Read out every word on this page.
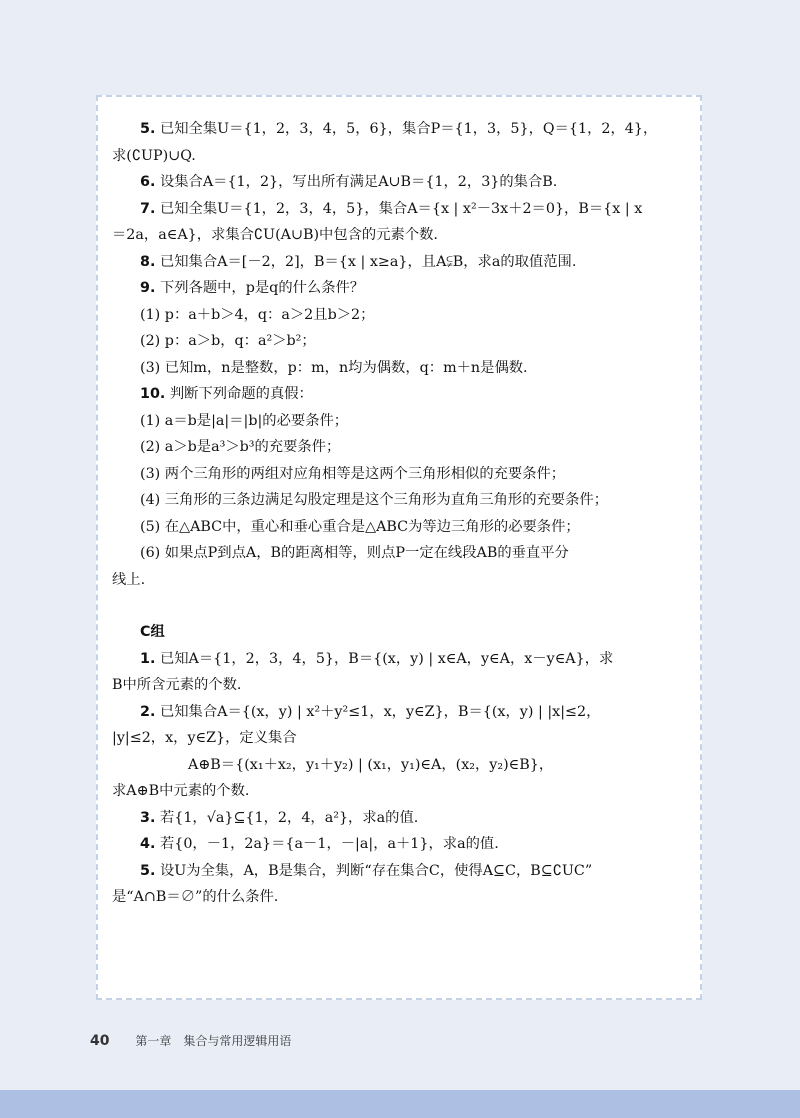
5. 已知全集U＝{1，2，3，4，5，6}，集合P＝{1，3，5}，Q＝{1，2，4}，

求(∁UP)∪Q.

6. 设集合A＝{1，2}，写出所有满足A∪B＝{1，2，3}的集合B.

7. 已知全集U＝{1，2，3，4，5}，集合A＝{x | x²－3x＋2＝0}，B＝{x | x

＝2a，a∈A}，求集合∁U(A∪B)中包含的元素个数.

8. 已知集合A＝[－2，2]，B＝{x | x≥a}，且A⫋B，求a的取值范围.

9. 下列各题中，p是q的什么条件？

(1) p：a＋b＞4，q：a＞2且b＞2；

(2) p：a＞b，q：a²＞b²；

(3) 已知m，n是整数，p：m，n均为偶数，q：m＋n是偶数.

10. 判断下列命题的真假：

(1) a＝b是|a|＝|b|的必要条件；

(2) a＞b是a³＞b³的充要条件；

(3) 两个三角形的两组对应角相等是这两个三角形相似的充要条件；

(4) 三角形的三条边满足勾股定理是这个三角形为直角三角形的充要条件；

(5) 在△ABC中，重心和垂心重合是△ABC为等边三角形的必要条件；

(6) 如果点P到点A，B的距离相等，则点P一定在线段AB的垂直平分

线上.

C组

1. 已知A＝{1，2，3，4，5}，B＝{(x，y) | x∈A，y∈A，x－y∈A}，求

B中所含元素的个数.

2. 已知集合A＝{(x，y) | x²＋y²≤1，x，y∈Z}，B＝{(x，y) | |x|≤2，

|y|≤2，x，y∈Z}，定义集合

A⊕B＝{(x₁＋x₂，y₁＋y₂) | (x₁，y₁)∈A，(x₂，y₂)∈B}，

求A⊕B中元素的个数.

3. 若{1，√a}⊆{1，2，4，a²}，求a的值.

4. 若{0，－1，2a}＝{a－1，－|a|，a＋1}，求a的值.

5. 设U为全集，A，B是集合，判断“存在集合C，使得A⊆C，B⊆∁UC”

是“A∩B＝∅”的什么条件.

40 第一章　集合与常用逻辑用语
